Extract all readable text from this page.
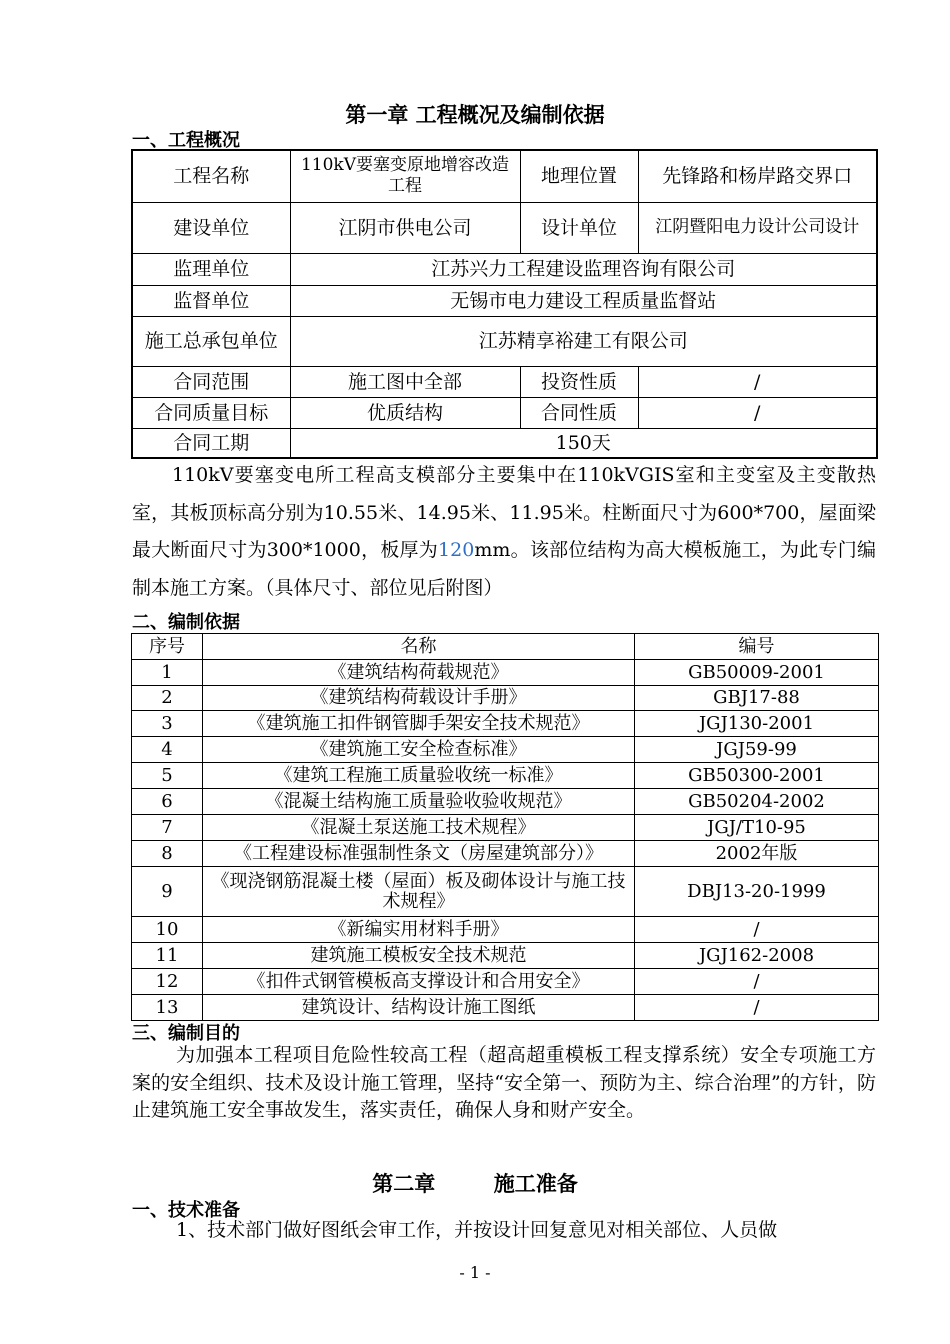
第一章 工程概况及编制依据
一、工程概况
工程名称	110kV要塞变原地增容改造工程	地理位置	先锋路和杨岸路交界口
建设单位	江阴市供电公司	设计单位	江阴暨阳电力设计公司设计
监理单位	江苏兴力工程建设监理咨询有限公司		
监督单位	无锡市电力建设工程质量监督站		
施工总承包单位	江苏精享裕建工有限公司		
合同范围	施工图中全部	投资性质	/
合同质量目标	优质结构	合同性质	/
合同工期	150天		

110kV要塞变电所工程高支模部分主要集中在110kVGIS室和主变室及主变散热室，其板顶标高分别为10.55米、14.95米、11.95米。柱断面尺寸为600*700，屋面梁最大断面尺寸为300*1000，板厚为120mm。该部位结构为高大模板施工，为此专门编制本施工方案。（具体尺寸、部位见后附图）

二、编制依据
序号	名称	编号
1	《建筑结构荷载规范》	GB50009-2001
2	《建筑结构荷载设计手册》	GBJ17-88
3	《建筑施工扣件钢管脚手架安全技术规范》	JGJ130-2001
4	《建筑施工安全检查标准》	JGJ59-99
5	《建筑工程施工质量验收统一标准》	GB50300-2001
6	《混凝土结构施工质量验收验收规范》	GB50204-2002
7	《混凝土泵送施工技术规程》	JGJ/T10-95
8	《工程建设标准强制性条文（房屋建筑部分）》	2002年版
9	《现浇钢筋混凝土楼（屋面）板及砌体设计与施工技术规程》	DBJ13-20-1999
10	《新编实用材料手册》	/
11	建筑施工模板安全技术规范	JGJ162-2008
12	《扣件式钢管模板高支撑设计和合用安全》	/
13	建筑设计、结构设计施工图纸	/
三、编制目的

为加强本工程项目危险性较高工程（超高超重模板工程支撑系统）安全专项施工方案的安全组织、技术及设计施工管理，坚持“安全第一、预防为主、综合治理”的方针，防止建筑施工安全事故发生，落实责任，确保人身和财产安全。

第二章        施工准备
一、技术准备

1、技术部门做好图纸会审工作，并按设计回复意见对相关部位、人员做

- 1 -
